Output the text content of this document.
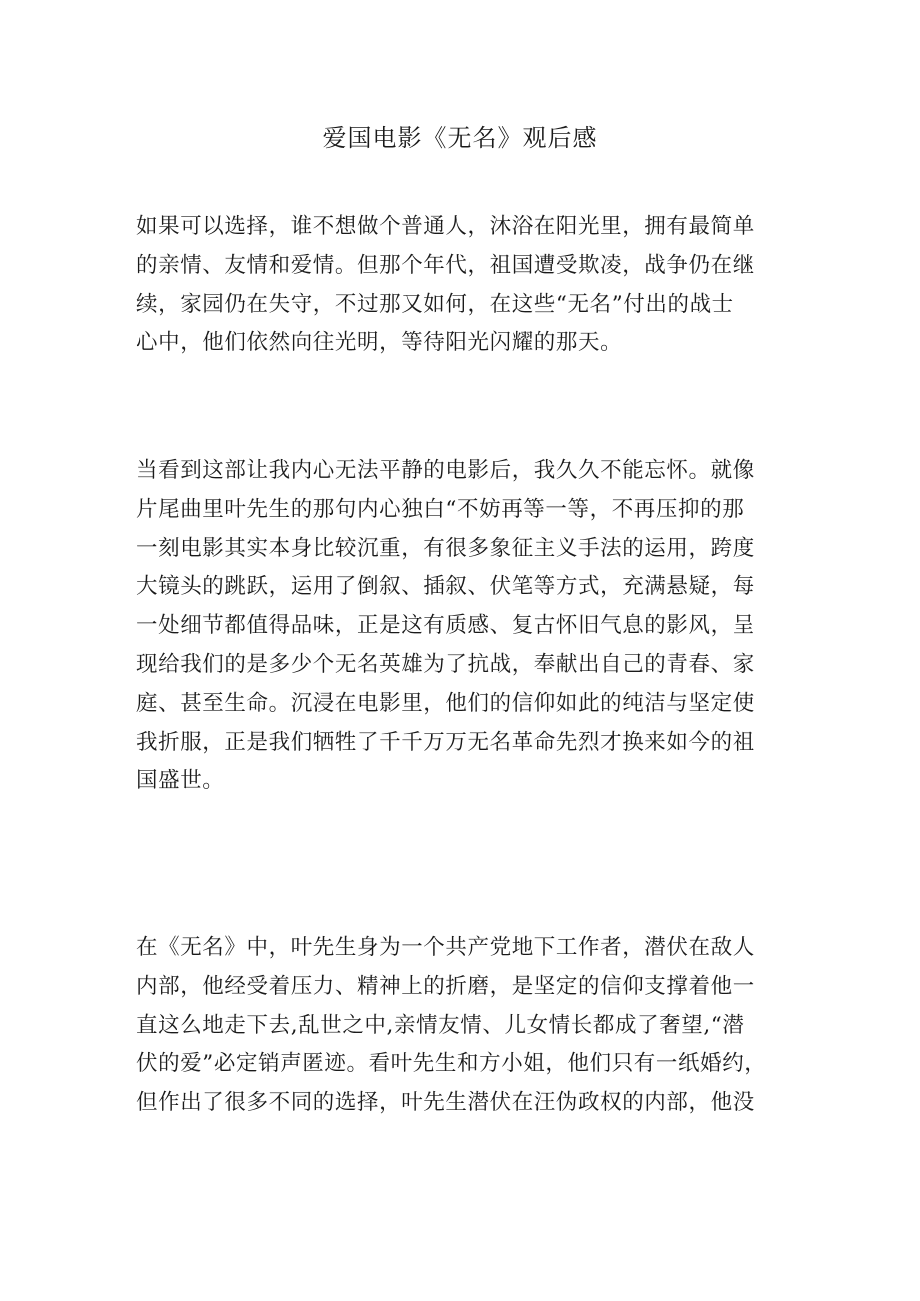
爱国电影《无名》观后感
如果可以选择，谁不想做个普通人，沐浴在阳光里，拥有最简单
的亲情、友情和爱情。但那个年代，祖国遭受欺凌，战争仍在继
续，家园仍在失守，不过那又如何，在这些“无名”付出的战士
心中，他们依然向往光明，等待阳光闪耀的那天。
当看到这部让我内心无法平静的电影后，我久久不能忘怀。就像
片尾曲里叶先生的那句内心独白“不妨再等一等，不再压抑的那
一刻电影其实本身比较沉重，有很多象征主义手法的运用，跨度
大镜头的跳跃，运用了倒叙、插叙、伏笔等方式，充满悬疑，每
一处细节都值得品味，正是这有质感、复古怀旧气息的影风，呈
现给我们的是多少个无名英雄为了抗战，奉献出自己的青春、家
庭、甚至生命。沉浸在电影里，他们的信仰如此的纯洁与坚定使
我折服，正是我们牺牲了千千万万无名革命先烈才换来如今的祖
国盛世。
在《无名》中，叶先生身为一个共产党地下工作者，潜伏在敌人
内部，他经受着压力、精神上的折磨，是坚定的信仰支撑着他一
直这么地走下去,乱世之中,亲情友情、儿女情长都成了奢望,“潜
伏的爱”必定销声匿迹。看叶先生和方小姐，他们只有一纸婚约，
但作出了很多不同的选择，叶先生潜伏在汪伪政权的内部，他没
